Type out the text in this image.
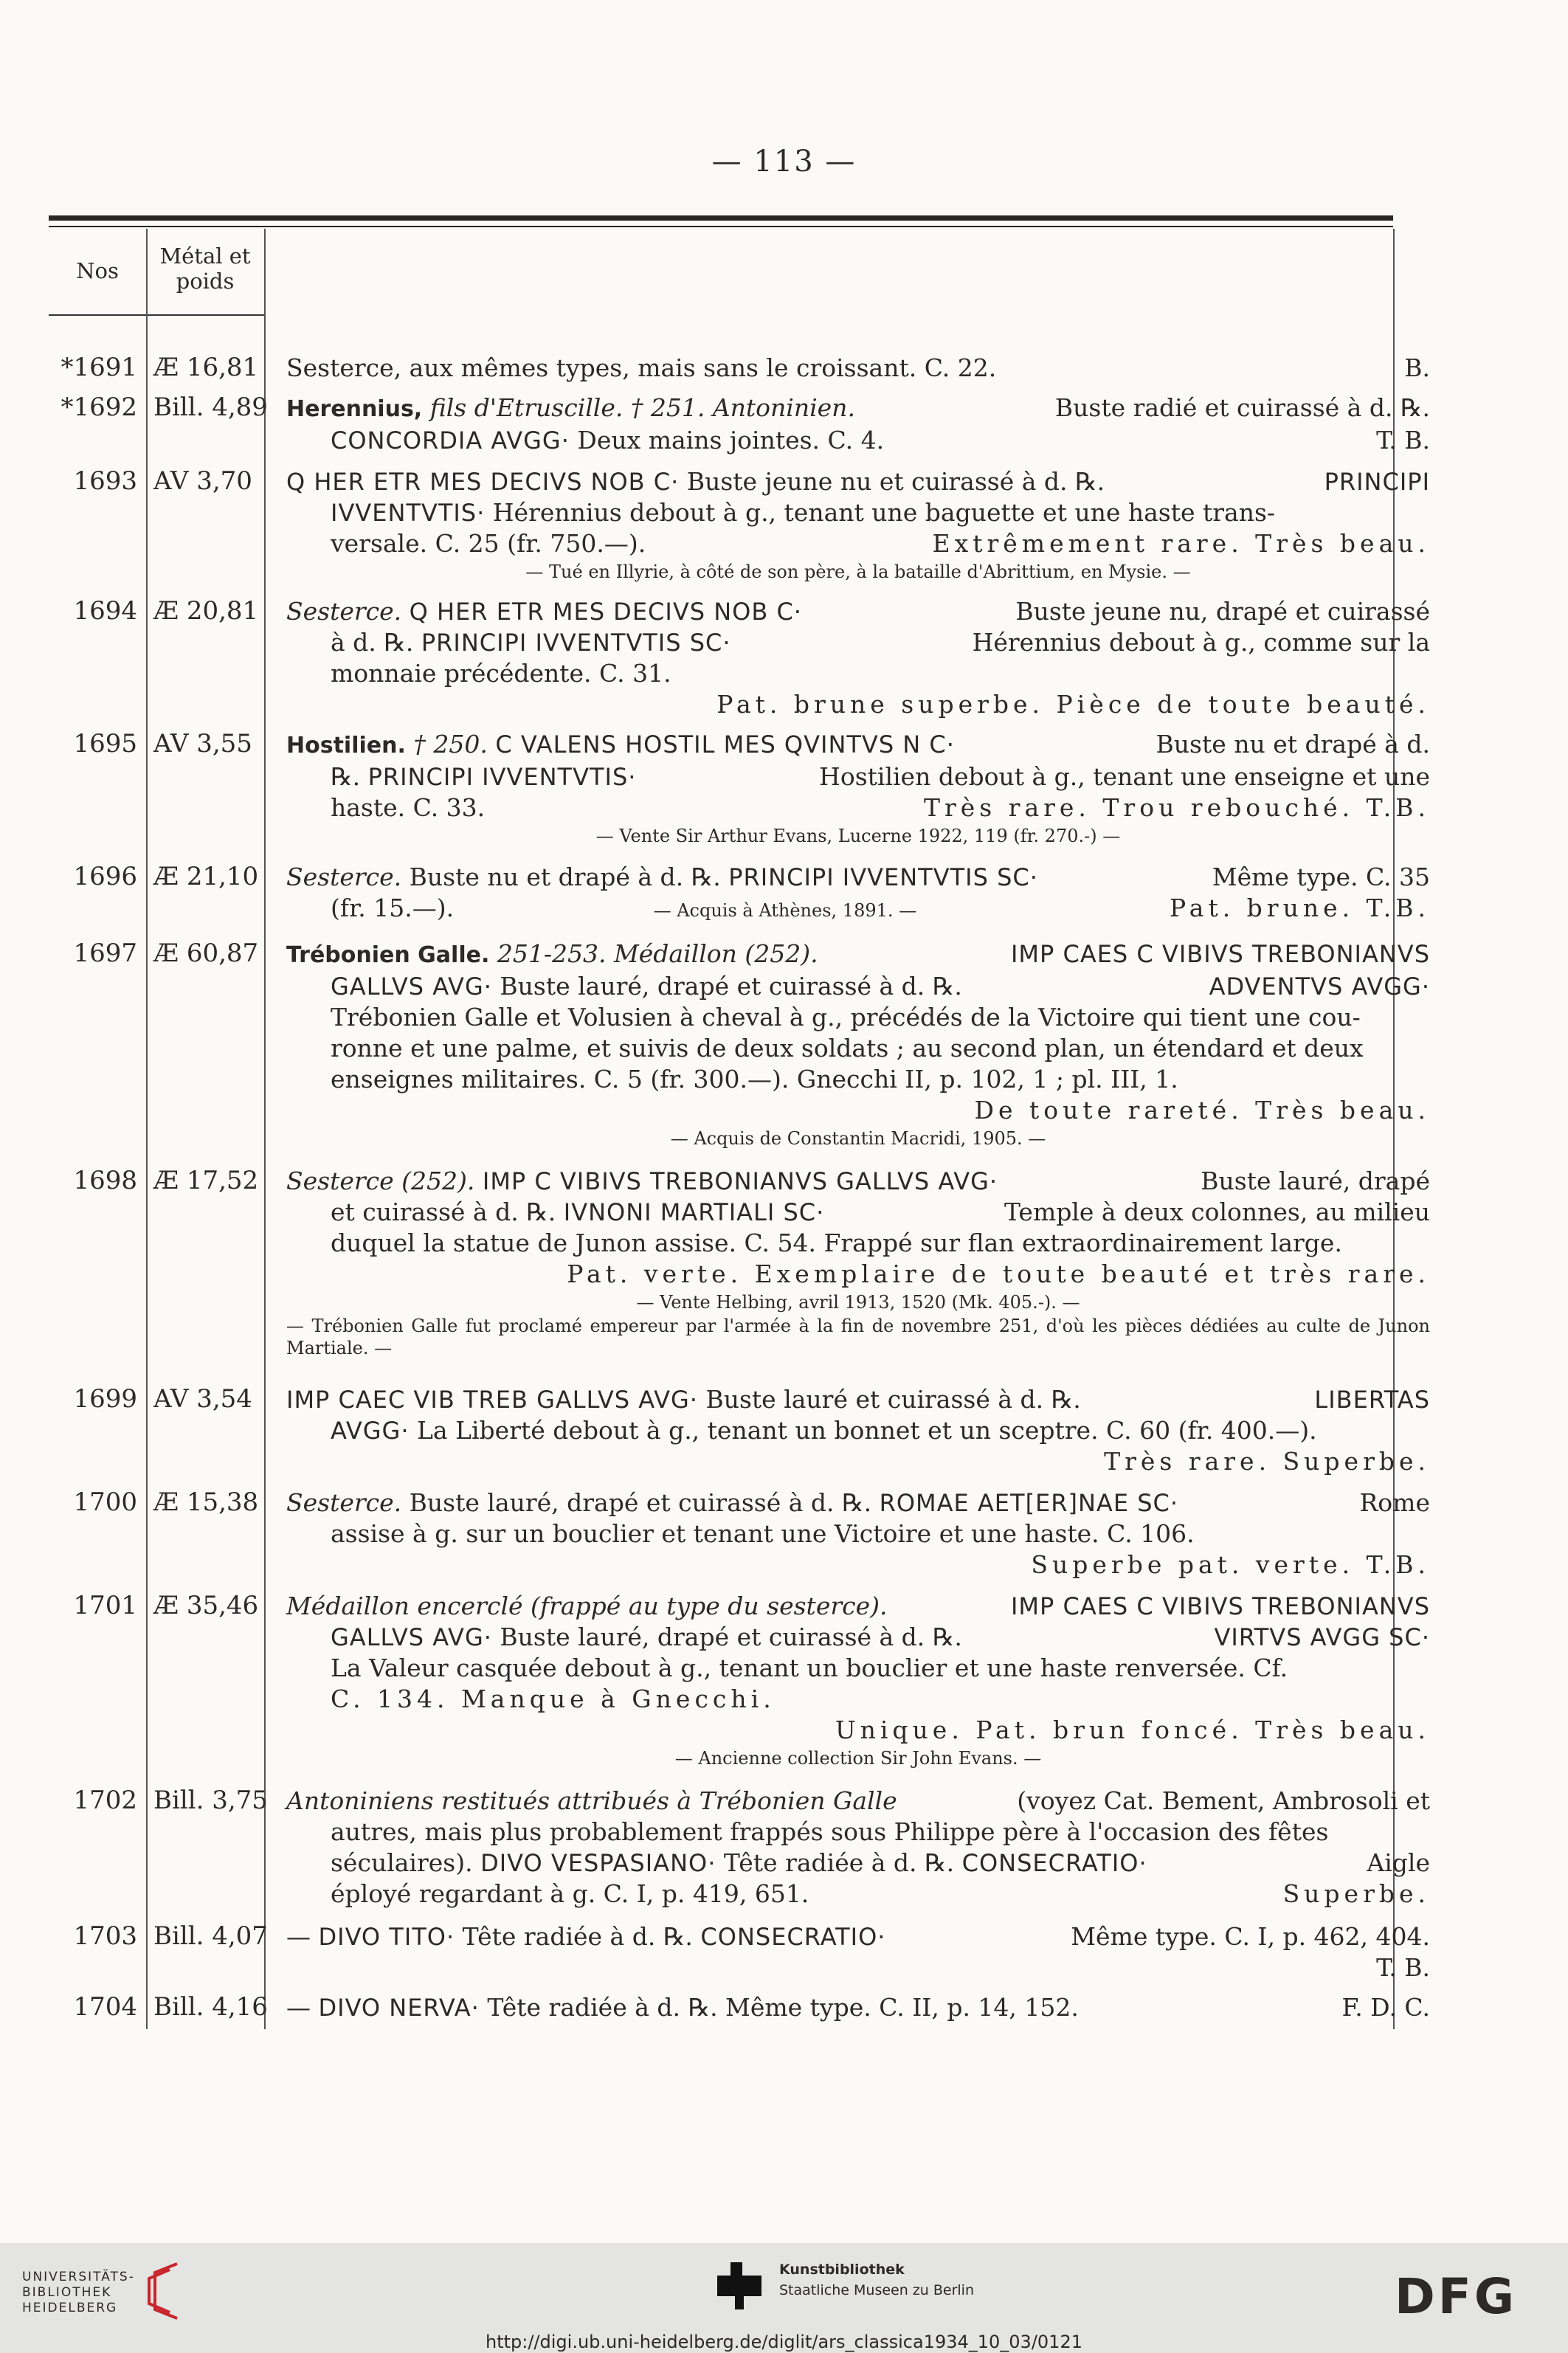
— 113 —
Nos
Métal et
poids
*1691 Æ 16,81	Sesterce, aux mêmes types, mais sans le croissant. C. 22.	B.

*1692 Bill. 4,89 Herennius, fils d'Etruscille. † 251. Antoninien.	Buste radié et cuirassé à d. ℞.

CONCORDIA AVGG· Deux mains jointes. C. 4.	T. B.

1693 AV 3,70	Q HER ETR MES DECIVS NOB C· Buste jeune nu et cuirassé à d. ℞.	PRINCIPI

IVVENTVTIS· Hérennius debout à g., tenant une baguette et une haste trans-

versale. C. 25 (fr. 750.—).	Extrêmement rare. Très beau.

— Tué en Illyrie, à côté de son père, à la bataille d'Abrittium, en Mysie. —

1694 Æ 20,81	Sesterce. Q HER ETR MES DECIVS NOB C·	Buste jeune nu, drapé et cuirassé

à d. ℞. PRINCIPI IVVENTVTIS SC·	Hérennius debout à g., comme sur la

monnaie précédente. C. 31.

Pat. brune superbe. Pièce de toute beauté.

1695 AV 3,55	Hostilien. † 250. C VALENS HOSTIL MES QVINTVS N C·	Buste nu et drapé à d.

℞. PRINCIPI IVVENTVTIS·	Hostilien debout à g., tenant une enseigne et une

haste. C. 33.	Très rare. Trou rebouché. T.B.

— Vente Sir Arthur Evans, Lucerne 1922, 119 (fr. 270.-) —

1696 Æ 21,10	Sesterce. Buste nu et drapé à d. ℞. PRINCIPI IVVENTVTIS SC·	Même type. C. 35

(fr. 15.—).	— Acquis à Athènes, 1891. —	Pat. brune. T.B.

1697 Æ 60,87	Trébonien Galle. 251-253. Médaillon (252).	IMP CAES C VIBIVS TREBONIANVS

GALLVS AVG· Buste lauré, drapé et cuirassé à d. ℞.	ADVENTVS AVGG·

Trébonien Galle et Volusien à cheval à g., précédés de la Victoire qui tient une cou-

ronne et une palme, et suivis de deux soldats ; au second plan, un étendard et deux

enseignes militaires. C. 5 (fr. 300.—). Gnecchi II, p. 102, 1 ; pl. III, 1.

De toute rareté. Très beau.

— Acquis de Constantin Macridi, 1905. —

1698 Æ 17,52	Sesterce (252). IMP C VIBIVS TREBONIANVS GALLVS AVG·	Buste lauré, drapé

et cuirassé à d. ℞. IVNONI MARTIALI SC·	Temple à deux colonnes, au milieu

duquel la statue de Junon assise. C. 54. Frappé sur flan extraordinairement large.

Pat. verte. Exemplaire de toute beauté et très rare.

— Vente Helbing, avril 1913, 1520 (Mk. 405.-). —

— Trébonien Galle fut proclamé empereur par l'armée à la fin de novembre 251, d'où les pièces dédiées au culte de Junon Martiale. —

1699 AV 3,54	IMP CAEC VIB TREB GALLVS AVG· Buste lauré et cuirassé à d. ℞.	LIBERTAS

AVGG· La Liberté debout à g., tenant un bonnet et un sceptre. C. 60 (fr. 400.—).

Très rare. Superbe.

1700 Æ 15,38	Sesterce. Buste lauré, drapé et cuirassé à d. ℞. ROMAE AET[ER]NAE SC·	Rome

assise à g. sur un bouclier et tenant une Victoire et une haste. C. 106.

Superbe pat. verte. T.B.

1701 Æ 35,46	Médaillon encerclé (frappé au type du sesterce).	IMP CAES C VIBIVS TREBONIANVS

GALLVS AVG· Buste lauré, drapé et cuirassé à d. ℞.	VIRTVS AVGG SC·

La Valeur casquée debout à g., tenant un bouclier et une haste renversée. Cf.

C. 134. Manque à Gnecchi.

Unique. Pat. brun foncé. Très beau.

— Ancienne collection Sir John Evans. —

1702 Bill. 3,75 Antoniniens restitués attribués à Trébonien Galle	(voyez Cat. Bement, Ambrosoli et

autres, mais plus probablement frappés sous Philippe père à l'occasion des fêtes

séculaires). DIVO VESPASIANO· Tête radiée à d. ℞. CONSECRATIO·	Aigle

éployé regardant à g. C. I, p. 419, 651.	Superbe.

1703 Bill. 4,07 — DIVO TITO· Tête radiée à d. ℞. CONSECRATIO·	Même type. C. I, p. 462, 404.

T. B.

1704 Bill. 4,16 — DIVO NERVA· Tête radiée à d. ℞. Même type. C. II, p. 14, 152.	F. D. C.

UNIVERSITÄTS-
BIBLIOTHEK
HEIDELBERG
Kunstbibliothek
Staatliche Museen zu Berlin	DFG
http://digi.ub.uni-heidelberg.de/diglit/ars_classica1934_10_03/0121
